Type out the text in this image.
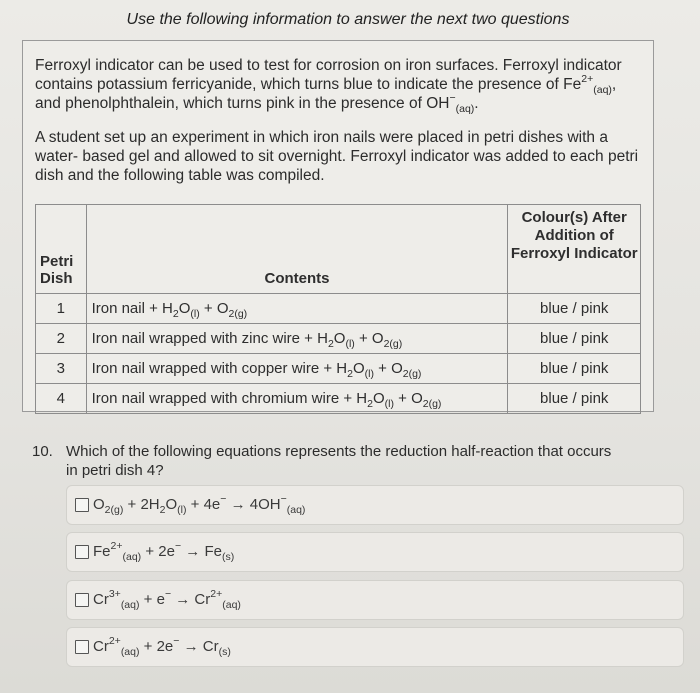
Use the following information to answer the next two questions
Ferroxyl indicator can be used to test for corrosion on iron surfaces. Ferroxyl indicator contains potassium ferricyanide, which turns blue to indicate the presence of $Fe^{2+}_{(aq)}$, and phenolphthalein, which turns pink in the presence of $OH^-_{(aq)}$.
A student set up an experiment in which iron nails were placed in petri dishes with a water- based gel and allowed to sit overnight. Ferroxyl indicator was added to each petri dish and the following table was compiled.
Petri
Dish	Contents	Colour(s) After Addition of Ferroxyl Indicator
1	Iron nail + $H_2O_{(l)} + O_{2(g)}$	blue / pink
2	Iron nail wrapped with zinc wire + $H_2O_{(l)} + O_{2(g)}$	blue / pink
3	Iron nail wrapped with copper wire + $H_2O_{(l)} + O_{2(g)}$	blue / pink
4	Iron nail wrapped with chromium wire + $H_2O_{(l)} + O_{2(g)}$	blue / pink
10. Which of the following equations represents the reduction half-reaction that occurs in petri dish 4?
$O_{2(g)} + 2H_2O_{(l)} + 4e^- \to 4OH^-_{(aq)}$
$Fe^{2+}_{(aq)} + 2e^- \to Fe_{(s)}$
$Cr^{3+}_{(aq)} + e^- \to Cr^{2+}_{(aq)}$
$Cr^{2+}_{(aq)} + 2e^- \to Cr_{(s)}$
